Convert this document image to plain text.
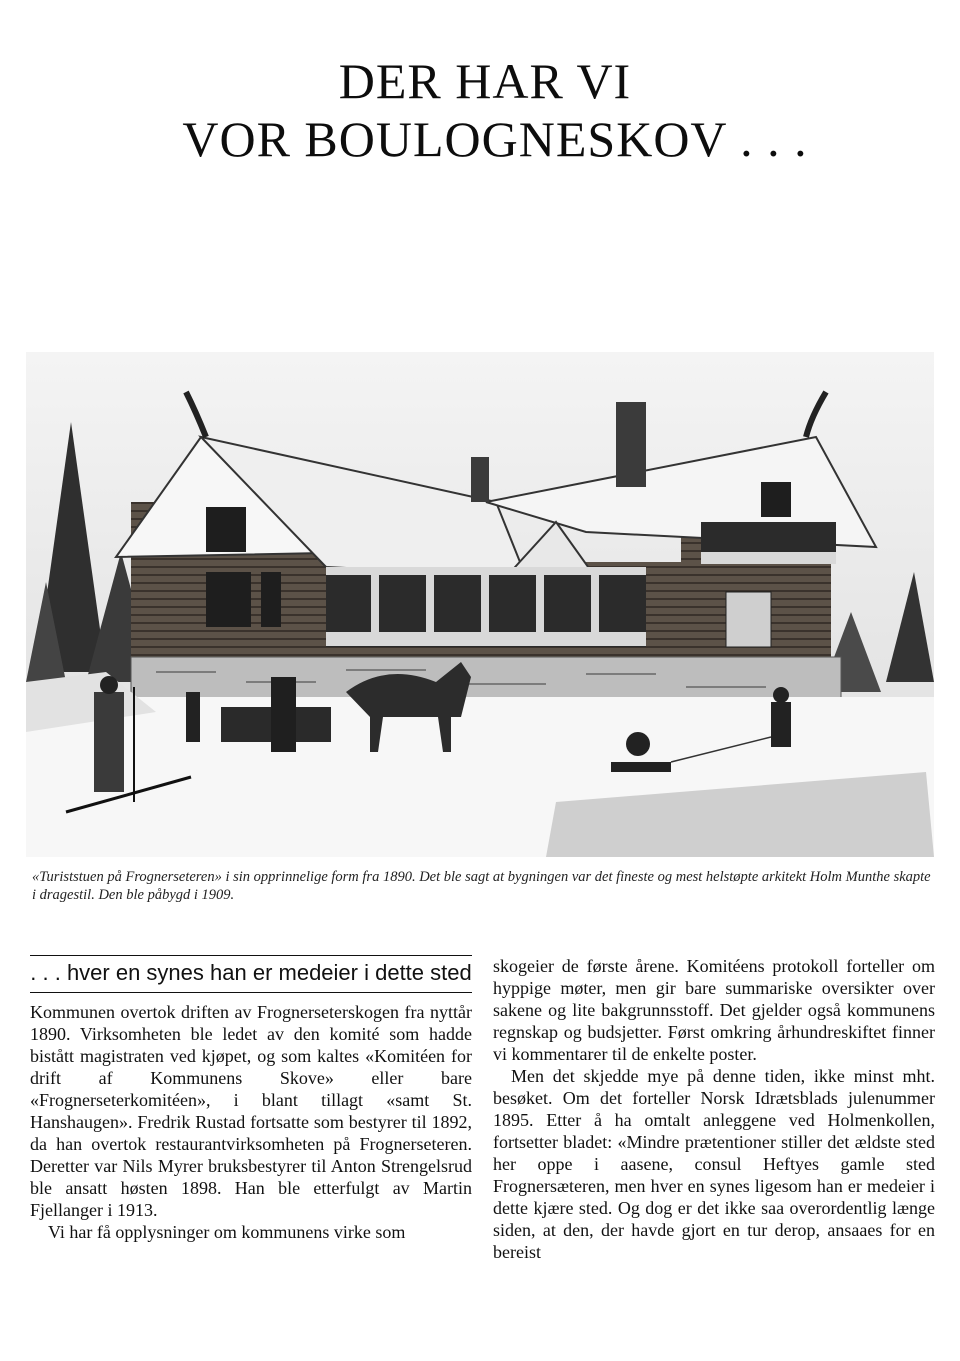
DER HAR VI
VOR BOULOGNESKOV . . .
«Turiststuen på Frognerseteren» i sin opprinnelige form fra 1890. Det ble sagt at bygningen var det fineste og mest helstøpte arkitekt Holm Munthe skapte i dragestil. Den ble påbygd i 1909.
. . . hver en synes han er medeier i dette sted

Kommunen overtok driften av Frognerseterskogen fra nyttår 1890. Virksomheten ble ledet av den komité som hadde bistått magistraten ved kjøpet, og som kaltes «Komitéen for drift af Kommunens Skove» eller bare «Frognerseterkomitéen», i blant tillagt «samt St. Hanshaugen». Fredrik Rustad fortsatte som bestyrer til 1892, da han overtok restaurantvirksomheten på Frognerseteren. Deretter var Nils Myrer bruksbestyrer til Anton Strengelsrud ble ansatt høsten 1898. Han ble etterfulgt av Martin Fjellanger i 1913.

Vi har få opplysninger om kommunens virke som

skogeier de første årene. Komitéens protokoll forteller om hyppige møter, men gir bare summariske oversikter over sakene og lite bakgrunnsstoff. Det gjelder også kommunens regnskap og budsjetter. Først omkring århundreskiftet finner vi kommentarer til de enkelte poster.

Men det skjedde mye på denne tiden, ikke minst mht. besøket. Om det forteller Norsk Idrætsblads julenummer 1895. Etter å ha omtalt anleggene ved Holmenkollen, fortsetter bladet: «Mindre prætentioner stiller det ældste sted her oppe i aasene, consul Heftyes gamle sted Frognersæteren, men hver en synes ligesom han er medeier i dette kjære sted. Og dog er det ikke saa overordentlig længe siden, at den, der havde gjort en tur derop, ansaaes for en bereist
